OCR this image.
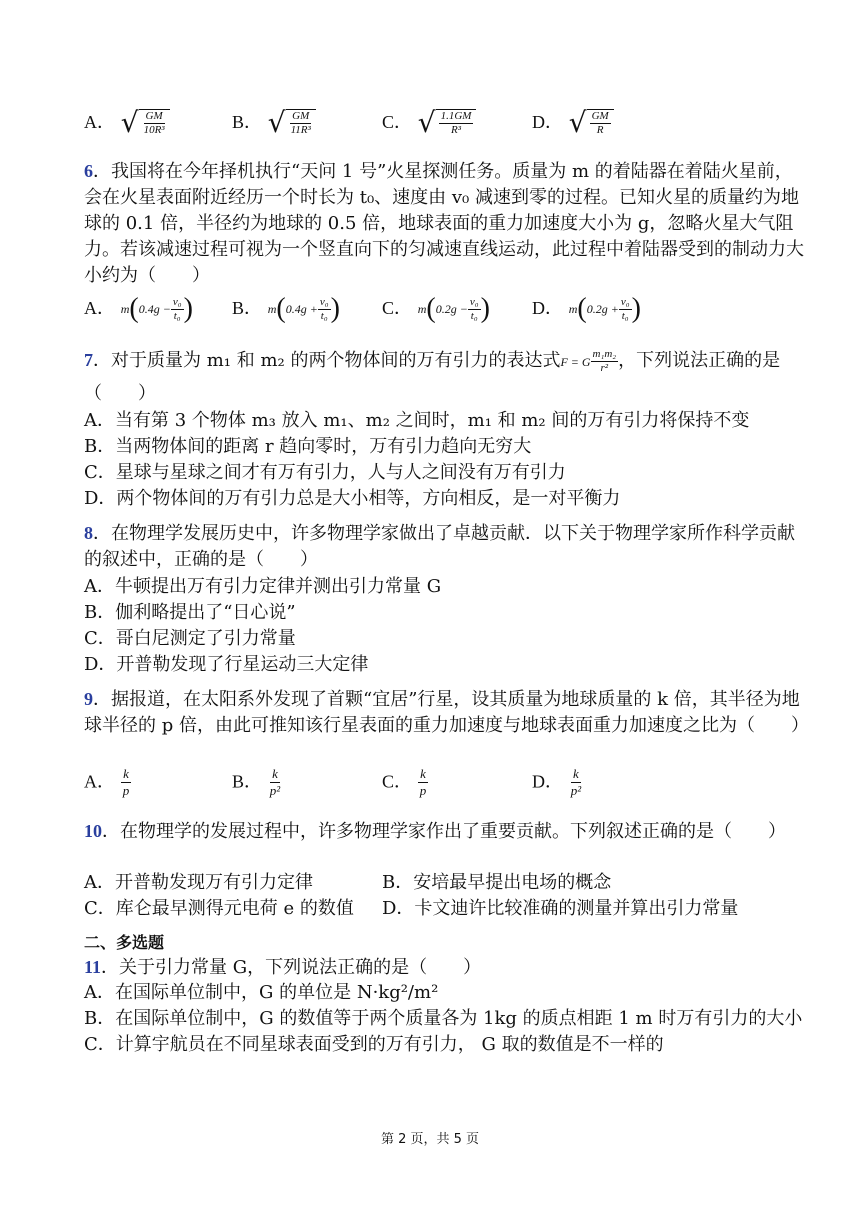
A． √ $\frac{GM}{\text{10R³}}$	B． √ $\frac{GM}{\text{11R³}}$	C． √ $\frac{1.1GM}{\text{R³}}$	D． √ $\frac{GM}{R}$
6．我国将在今年择机执行“天问 1 号”火星探测任务。质量为 m 的着陆器在着陆火星前，会在火星表面附近经历一个时长为 t₀、速度由 v₀ 减速到零的过程。已知火星的质量约为地球的 0.1 倍，半径约为地球的 0.5 倍，地球表面的重力加速度大小为 g，忽略火星大气阻力。若该减速过程可视为一个竖直向下的匀减速直线运动，此过程中着陆器受到的制动力大小约为（　　）
A． m ( $0.4g - \frac{\text{v₀}}{\text{t₀}}$ ) B． m ( $0.4g + \frac{\text{v₀}}{\text{t₀}}$ ) C． m ( $0.2g - \frac{\text{v₀}}{\text{t₀}}$ ) D． m ( $0.2g + \frac{\text{v₀}}{\text{t₀}}$ )
7．对于质量为 m₁ 和 m₂ 的两个物体间的万有引力的表达式F = G $\frac{\text{m₁m₂}}{\text{r²}}$ ，下列说法正确的是（　　）
A．当有第 3 个物体 m₃ 放入 m₁、m₂ 之间时，m₁ 和 m₂ 间的万有引力将保持不变
B．当两物体间的距离 r 趋向零时，万有引力趋向无穷大
C．星球与星球之间才有万有引力，人与人之间没有万有引力
D．两个物体间的万有引力总是大小相等，方向相反，是一对平衡力
8．在物理学发展历史中，许多物理学家做出了卓越贡献．以下关于物理学家所作科学贡献的叙述中，正确的是（　　）
A．牛顿提出万有引力定律并测出引力常量 G
B．伽利略提出了“日心说”
C．哥白尼测定了引力常量
D．开普勒发现了行星运动三大定律
9．据报道，在太阳系外发现了首颗“宜居”行星，设其质量为地球质量的 k 倍，其半径为地球半径的 p 倍，由此可推知该行星表面的重力加速度与地球表面重力加速度之比为（　　）
A． $\frac{k}{p}$	B． $\frac{k}{\text{p²}}$	C． $\frac{k}{p}$	D． $\frac{k}{\text{p²}}$
10．在物理学的发展过程中，许多物理学家作出了重要贡献。下列叙述正确的是（　　）
A．开普勒发现万有引力定律	B．安培最早提出电场的概念
C．库仑最早测得元电荷 e 的数值 D．卡文迪许比较准确的测量并算出引力常量
二、多选题
11．关于引力常量 G，下列说法正确的是（　　）
A．在国际单位制中，G 的单位是 N·kg²/m²
B．在国际单位制中，G 的数值等于两个质量各为 1kg 的质点相距 1 m 时万有引力的大小
C．计算宇航员在不同星球表面受到的万有引力， G 取的数值是不一样的
第 2 页，共 5 页
